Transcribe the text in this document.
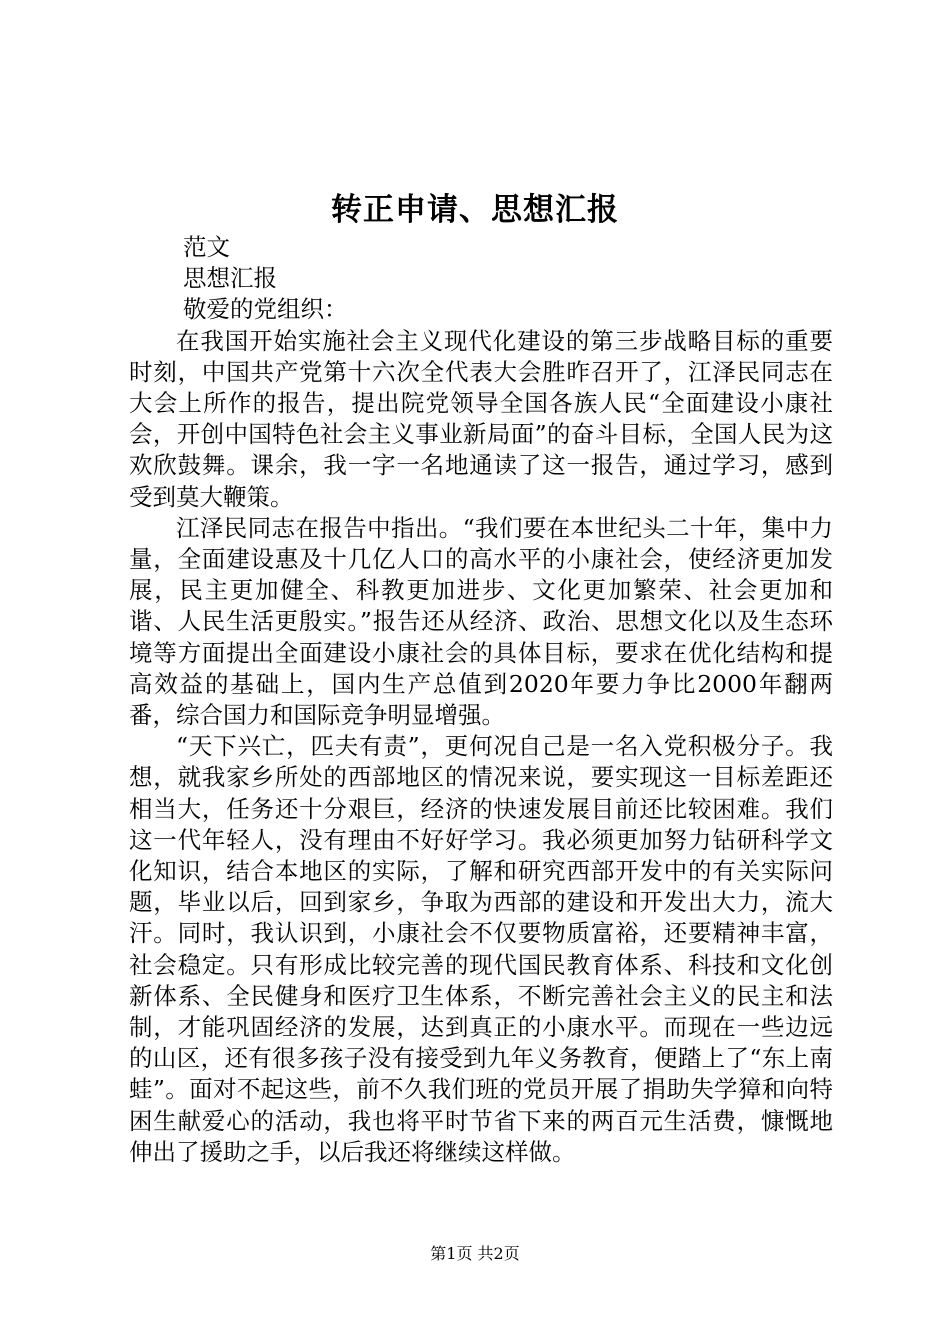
转正申请、思想汇报

范文

思想汇报

敬爱的党组织：

在我国开始实施社会主义现代化建设的第三步战略目标的重要时刻，中国共产党第十六次全代表大会胜昨召开了，江泽民同志在大会上所作的报告，提出院党领导全国各族人民“全面建设小康社会，开创中国特色社会主义事业新局面”的奋斗目标，全国人民为这欢欣鼓舞。课余，我一字一名地通读了这一报告，通过学习，感到受到莫大鞭策。

江泽民同志在报告中指出。“我们要在本世纪头二十年，集中力量，全面建设惠及十几亿人口的高水平的小康社会，使经济更加发展，民主更加健全、科教更加进步、文化更加繁荣、社会更加和谐、人民生活更殷实。”报告还从经济、政治、思想文化以及生态环境等方面提出全面建设小康社会的具体目标，要求在优化结构和提高效益的基础上，国内生产总值到2020年要力争比2000年翻两番，综合国力和国际竞争明显增强。

“天下兴亡，匹夫有责”，更何况自己是一名入党积极分子。我想，就我家乡所处的西部地区的情况来说，要实现这一目标差距还相当大，任务还十分艰巨，经济的快速发展目前还比较困难。我们这一代年轻人，没有理由不好好学习。我必须更加努力钻研科学文化知识，结合本地区的实际，了解和研究西部开发中的有关实际问题，毕业以后，回到家乡，争取为西部的建设和开发出大力，流大汗。同时，我认识到，小康社会不仅要物质富裕，还要精神丰富，社会稳定。只有形成比较完善的现代国民教育体系、科技和文化创新体系、全民健身和医疗卫生体系，不断完善社会主义的民主和法制，才能巩固经济的发展，达到真正的小康水平。而现在一些边远的山区，还有很多孩子没有接受到九年义务教育，便踏上了“东上南蛙”。面对不起这些，前不久我们班的党员开展了捐助失学獐和向特困生献爱心的活动，我也将平时节省下来的两百元生活费，慷慨地伸出了援助之手，以后我还将继续这样做。

第1页 共2页
